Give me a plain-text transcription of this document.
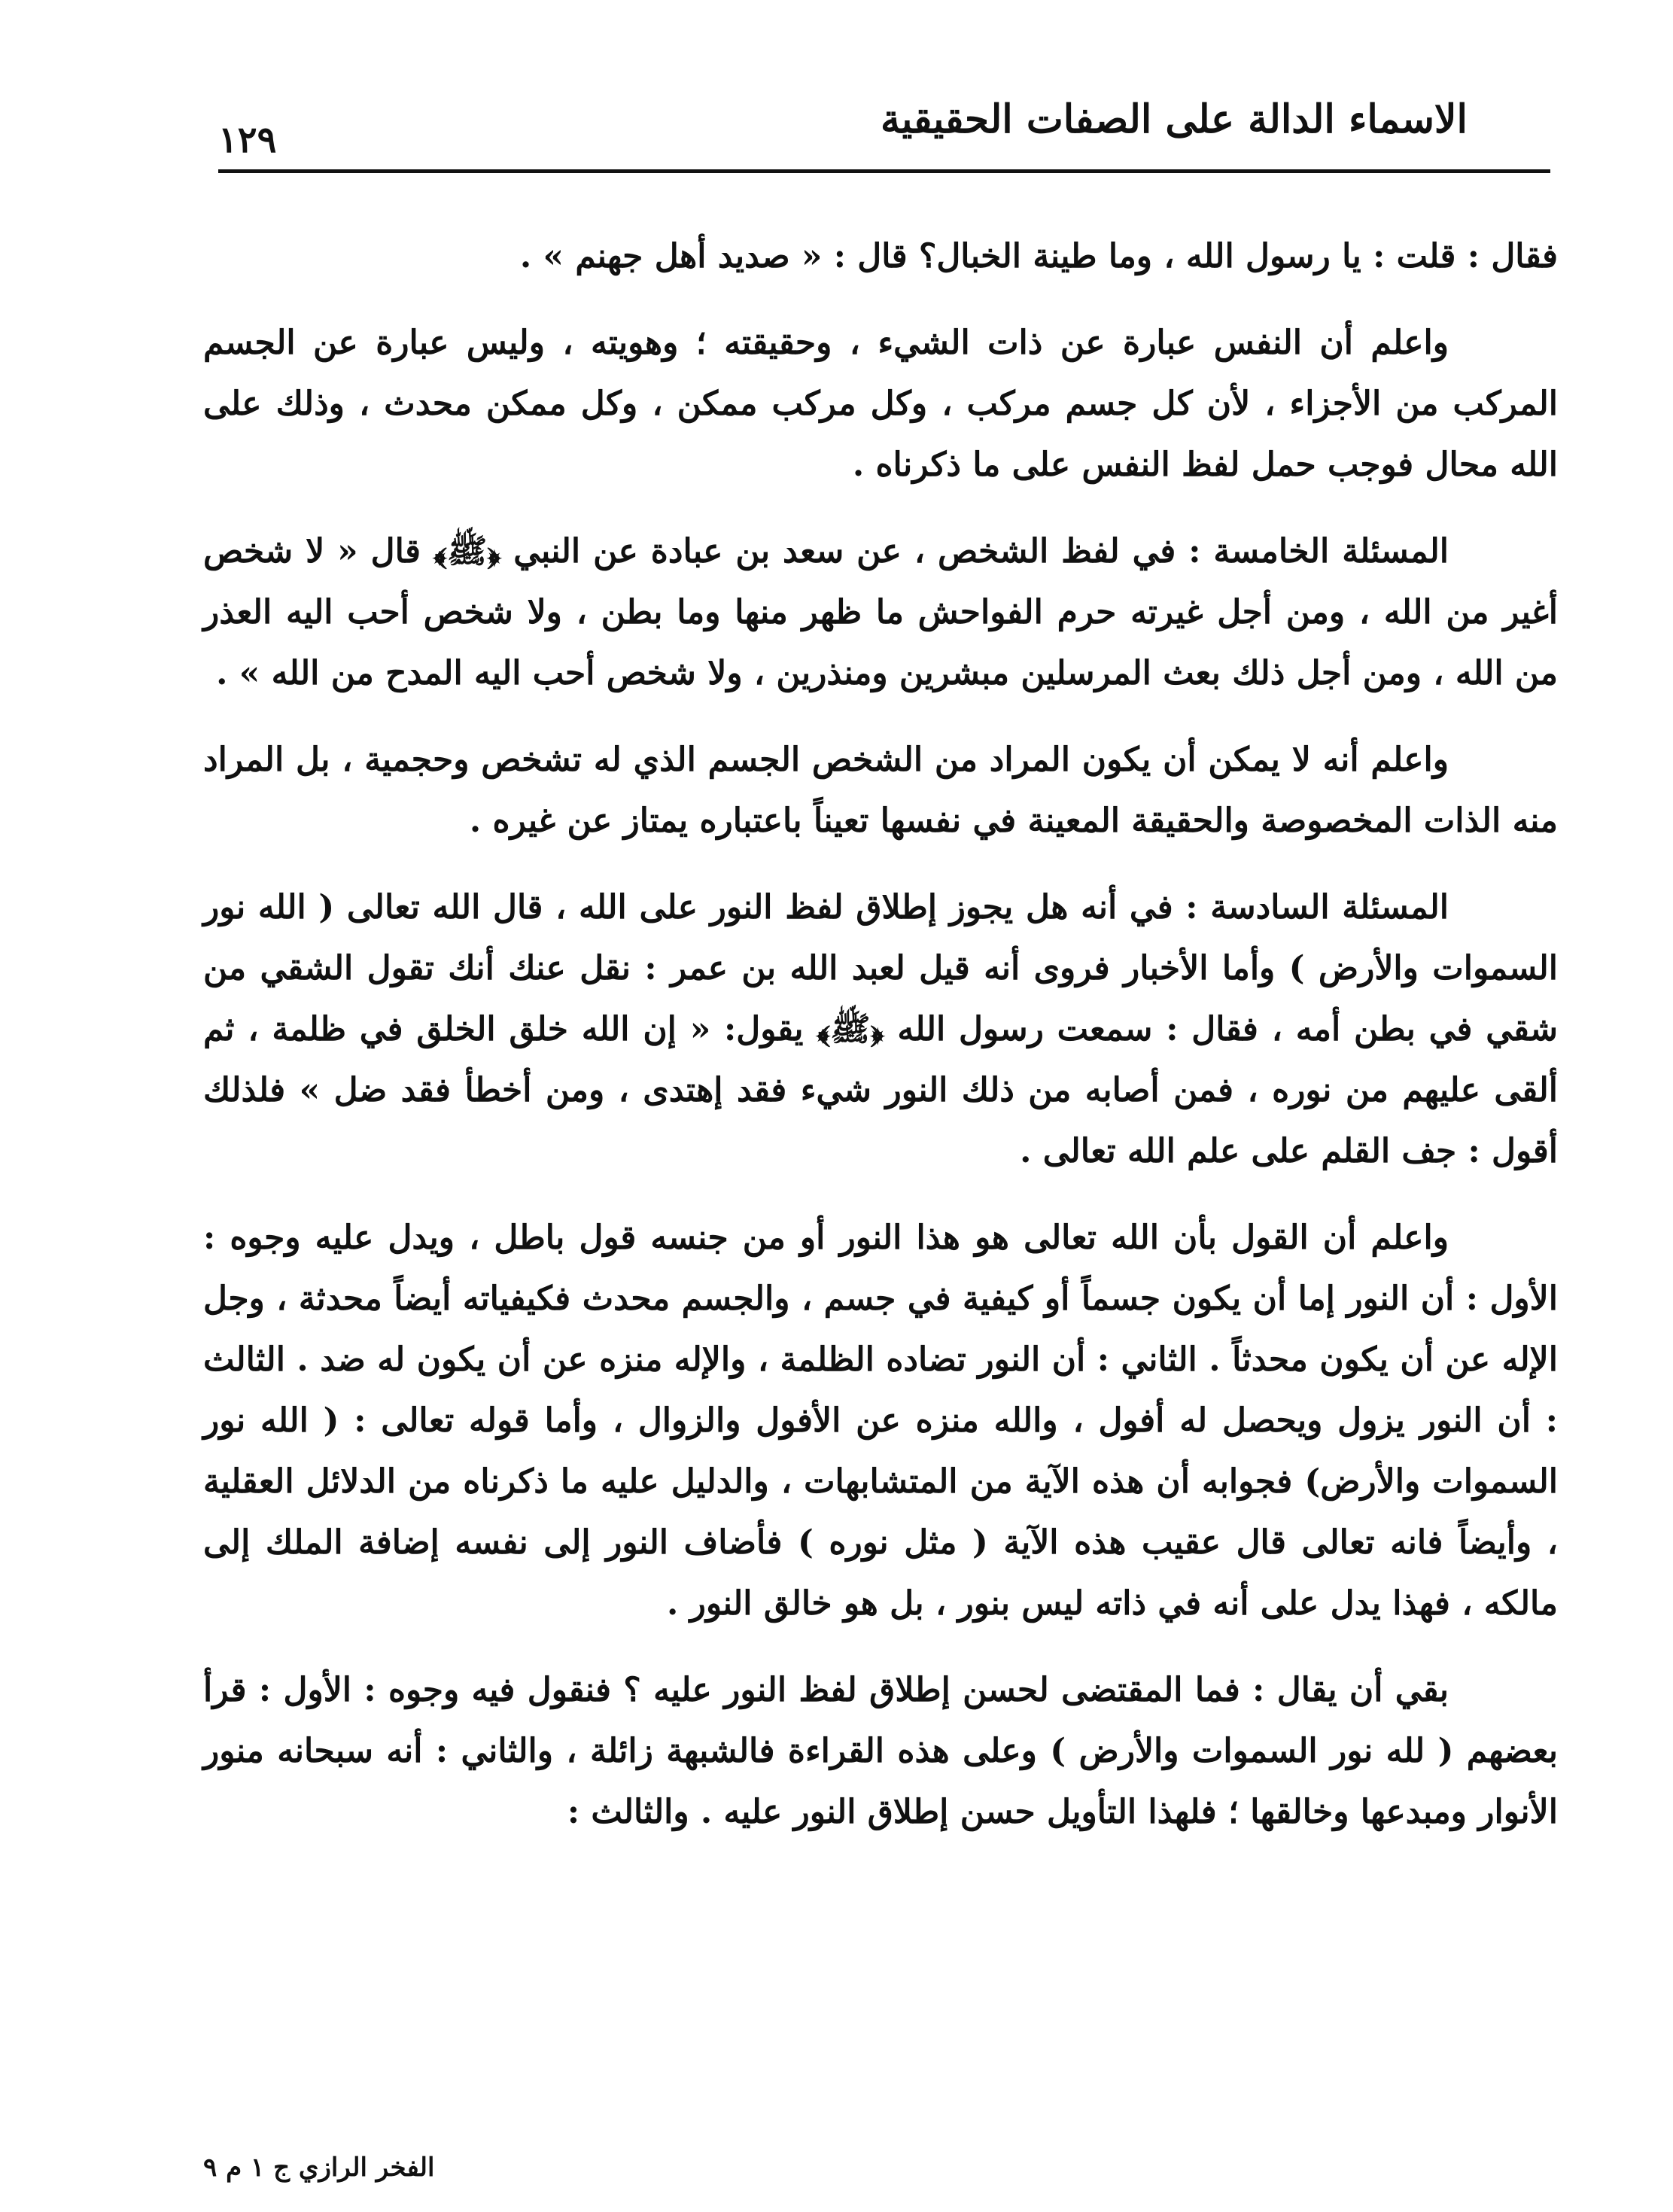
الاسماء الدالة على الصفات الحقيقية
١٢٩

فقال : قلت : يا رسول الله ، وما طينة الخبال؟ قال : « صديد أهل جهنم » .

واعلم أن النفس عبارة عن ذات الشيء ، وحقيقته ؛ وهويته ، وليس عبارة عن الجسم المركب من الأجزاء ، لأن كل جسم مركب ، وكل مركب ممكن ، وكل ممكن محدث ، وذلك على الله محال فوجب حمل لفظ النفس على ما ذكرناه .

المسئلة الخامسة : في لفظ الشخص ، عن سعد بن عبادة عن النبي ﴿ﷺ﴾ قال « لا شخص أغير من الله ، ومن أجل غيرته حرم الفواحش ما ظهر منها وما بطن ، ولا شخص أحب اليه العذر من الله ، ومن أجل ذلك بعث المرسلين مبشرين ومنذرين ، ولا شخص أحب اليه المدح من الله » .

واعلم أنه لا يمكن أن يكون المراد من الشخص الجسم الذي له تشخص وحجمية ، بل المراد منه الذات المخصوصة والحقيقة المعينة في نفسها تعيناً باعتباره يمتاز عن غيره .

المسئلة السادسة : في أنه هل يجوز إطلاق لفظ النور على الله ، قال الله تعالى ( الله نور السموات والأرض ) وأما الأخبار فروى أنه قيل لعبد الله بن عمر : نقل عنك أنك تقول الشقي من شقي في بطن أمه ، فقال : سمعت رسول الله ﴿ﷺ﴾ يقول: « إن الله خلق الخلق في ظلمة ، ثم ألقى عليهم من نوره ، فمن أصابه من ذلك النور شيء فقد إهتدى ، ومن أخطأ فقد ضل » فلذلك أقول : جف القلم على علم الله تعالى .

واعلم أن القول بأن الله تعالى هو هذا النور أو من جنسه قول باطل ، ويدل عليه وجوه : الأول : أن النور إما أن يكون جسماً أو كيفية في جسم ، والجسم محدث فكيفياته أيضاً محدثة ، وجل الإله عن أن يكون محدثاً . الثاني : أن النور تضاده الظلمة ، والإله منزه عن أن يكون له ضد . الثالث : أن النور يزول ويحصل له أفول ، والله منزه عن الأفول والزوال ، وأما قوله تعالى : ( الله نور السموات والأرض) فجوابه أن هذه الآية من المتشابهات ، والدليل عليه ما ذكرناه من الدلائل العقلية ، وأيضاً فانه تعالى قال عقيب هذه الآية ( مثل نوره ) فأضاف النور إلى نفسه إضافة الملك إلى مالكه ، فهذا يدل على أنه في ذاته ليس بنور ، بل هو خالق النور .

بقي أن يقال : فما المقتضى لحسن إطلاق لفظ النور عليه ؟ فنقول فيه وجوه : الأول : قرأ بعضهم ( لله نور السموات والأرض ) وعلى هذه القراءة فالشبهة زائلة ، والثاني : أنه سبحانه منور الأنوار ومبدعها وخالقها ؛ فلهذا التأويل حسن إطلاق النور عليه . والثالث :

الفخر الرازي ج ١ م ٩
